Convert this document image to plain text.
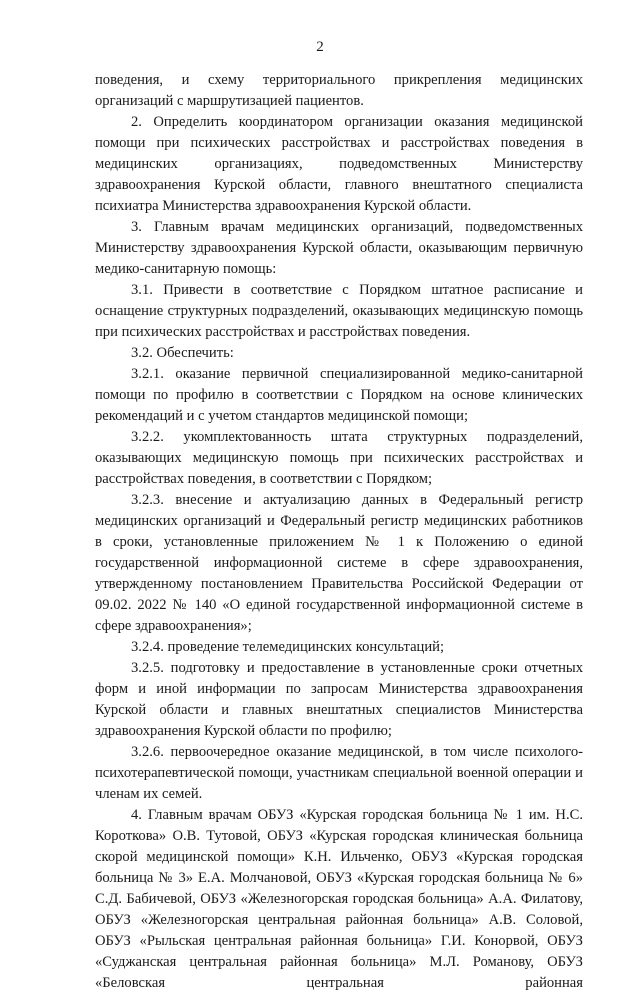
2

поведения, и схему территориального прикрепления медицинских организаций с маршрутизацией пациентов.

2. Определить координатором организации оказания медицинской помощи при психических расстройствах и расстройствах поведения в медицинских организациях, подведомственных Министерству здравоохранения Курской области, главного внештатного специалиста психиатра Министерства здравоохранения Курской области.

3. Главным врачам медицинских организаций, подведомственных Министерству здравоохранения Курской области, оказывающим первичную медико-санитарную помощь:

3.1. Привести в соответствие с Порядком штатное расписание и оснащение структурных подразделений, оказывающих медицинскую помощь при психических расстройствах и расстройствах поведения.

3.2. Обеспечить:

3.2.1. оказание первичной специализированной медико-санитарной помощи по профилю в соответствии с Порядком на основе клинических рекомендаций и с учетом стандартов медицинской помощи;

3.2.2. укомплектованность штата структурных подразделений, оказывающих медицинскую помощь при психических расстройствах и расстройствах поведения, в соответствии с Порядком;

3.2.3. внесение и актуализацию данных в Федеральный регистр медицинских организаций и Федеральный регистр медицинских работников в сроки, установленные приложением № 1 к Положению о единой государственной информационной системе в сфере здравоохранения, утвержденному постановлением Правительства Российской Федерации от 09.02. 2022 № 140 «О единой государственной информационной системе в сфере здравоохранения»;

3.2.4. проведение телемедицинских консультаций;

3.2.5. подготовку и предоставление в установленные сроки отчетных форм и иной информации по запросам Министерства здравоохранения Курской области и главных внештатных специалистов Министерства здравоохранения Курской области по профилю;

3.2.6. первоочередное оказание медицинской, в том числе психолого-психотерапевтической помощи, участникам специальной военной операции и членам их семей.

4. Главным врачам ОБУЗ «Курская городская больница № 1 им. Н.С. Короткова» О.В. Тутовой, ОБУЗ «Курская городская клиническая больница скорой медицинской помощи» К.Н. Ильченко, ОБУЗ «Курская городская больница № 3» Е.А. Молчановой, ОБУЗ «Курская городская больница № 6» С.Д. Бабичевой, ОБУЗ «Железногорская городская больница» А.А. Филатову, ОБУЗ «Железногорская центральная районная больница» А.В. Соловой, ОБУЗ «Рыльская центральная районная больница» Г.И. Конорвой, ОБУЗ «Суджанская центральная районная больница» М.Л. Романову, ОБУЗ «Беловская центральная районная
